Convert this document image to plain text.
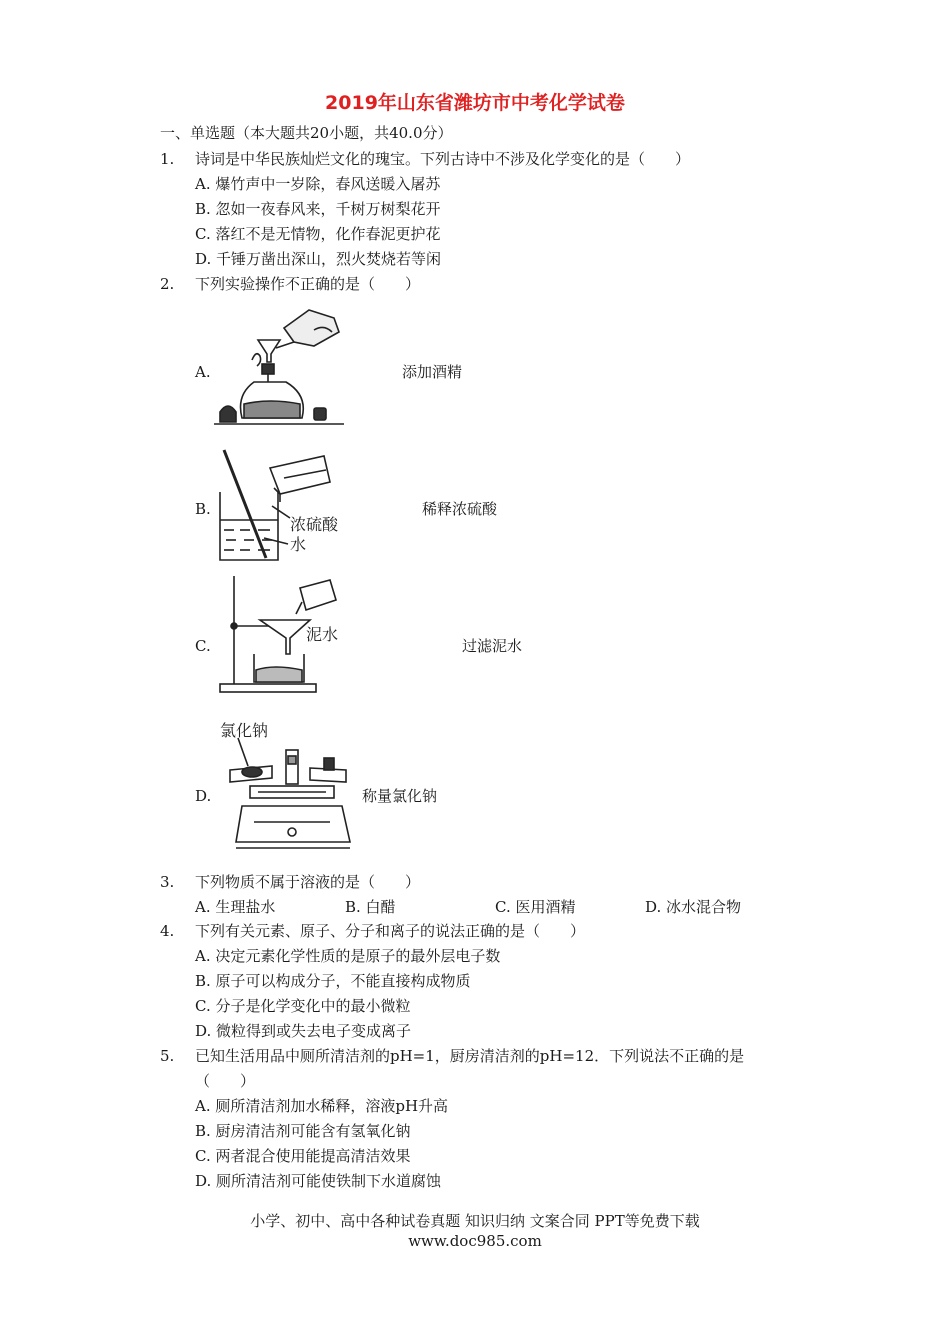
2019年山东省潍坊市中考化学试卷
一、单选题（本大题共20小题，共40.0分）
1. 诗词是中华民族灿烂文化的瑰宝。下列古诗中不涉及化学变化的是（　　）
A. 爆竹声中一岁除，春风送暖入屠苏
B. 忽如一夜春风来，千树万树梨花开
C. 落红不是无情物，化作春泥更护花
D. 千锤万凿出深山，烈火焚烧若等闲
2. 下列实验操作不正确的是（　　）
A.	添加酒精
B.
浓硫酸
水
稀释浓硫酸
C.
泥水
过滤泥水
D.
氯化钠
称量氯化钠
3. 下列物质不属于溶液的是（　　）
A. 生理盐水	B. 白醋	C. 医用酒精	D. 冰水混合物
4. 下列有关元素、原子、分子和离子的说法正确的是（　　）
A. 决定元素化学性质的是原子的最外层电子数
B. 原子可以构成分子，不能直接构成物质
C. 分子是化学变化中的最小微粒
D. 微粒得到或失去电子变成离子
5. 已知生活用品中厕所清洁剂的pH=1，厨房清洁剂的pH=12．下列说法不正确的是
（　　）
A. 厕所清洁剂加水稀释，溶液pH升高
B. 厨房清洁剂可能含有氢氧化钠
C. 两者混合使用能提高清洁效果
D. 厕所清洁剂可能使铁制下水道腐蚀
小学、初中、高中各种试卷真题 知识归纳 文案合同 PPT等免费下载
www.doc985.com
